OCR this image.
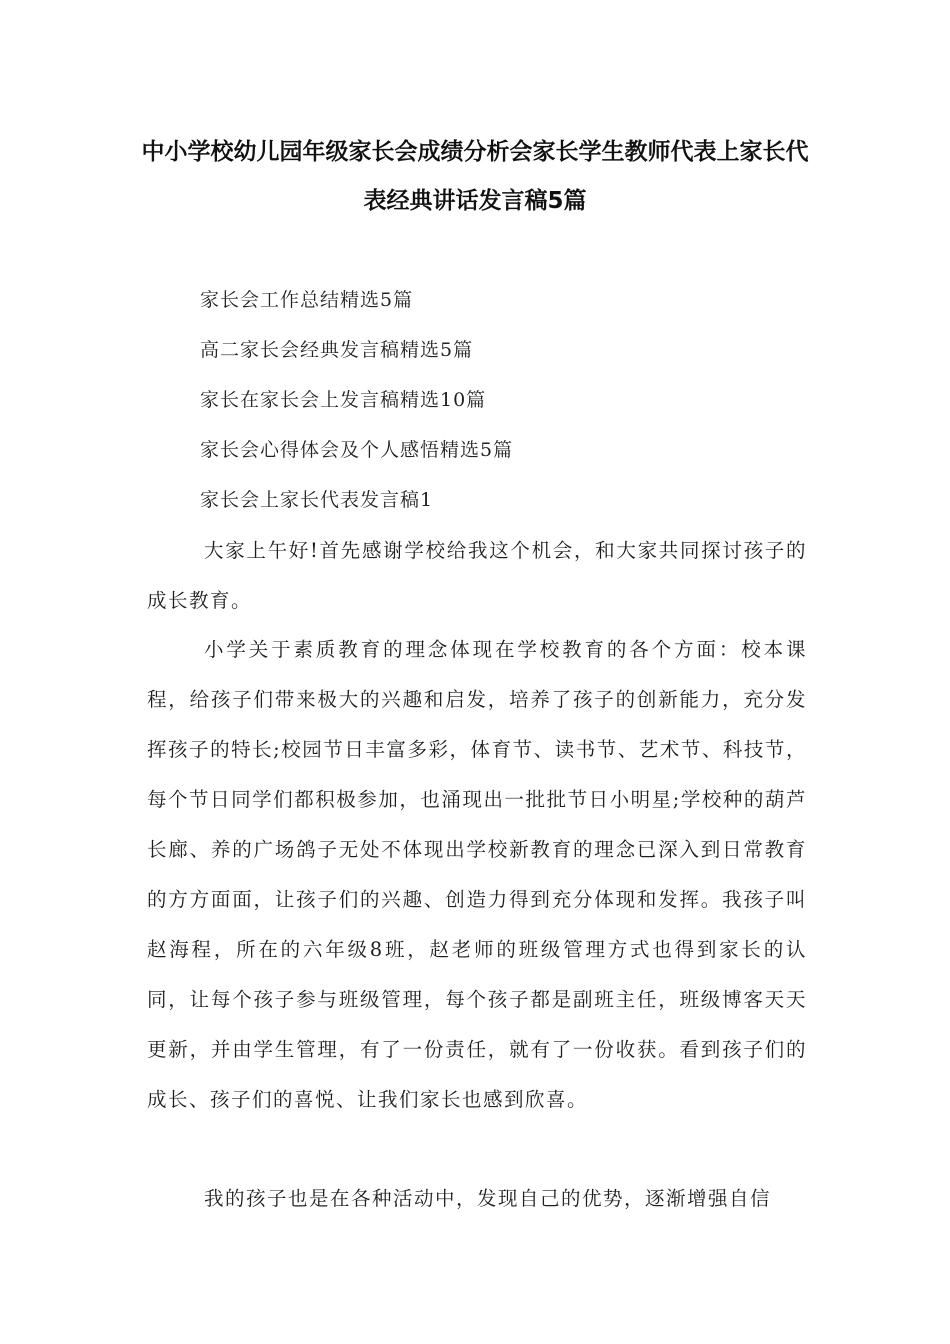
中小学校幼儿园年级家长会成绩分析会家长学生教师代表上家长代
表经典讲话发言稿5篇
家长会工作总结精选5篇
高二家长会经典发言稿精选5篇
家长在家长会上发言稿精选10篇
家长会心得体会及个人感悟精选5篇
家长会上家长代表发言稿1
大家上午好!首先感谢学校给我这个机会，和大家共同探讨孩子的成长教育。
小学关于素质教育的理念体现在学校教育的各个方面：校本课程，给孩子们带来极大的兴趣和启发，培养了孩子的创新能力，充分发挥孩子的特长;校园节日丰富多彩，体育节、读书节、艺术节、科技节，每个节日同学们都积极参加，也涌现出一批批节日小明星;学校种的葫芦长廊、养的广场鸽子无处不体现出学校新教育的理念已深入到日常教育的方方面面，让孩子们的兴趣、创造力得到充分体现和发挥。我孩子叫赵海程，所在的六年级8班，赵老师的班级管理方式也得到家长的认同，让每个孩子参与班级管理，每个孩子都是副班主任，班级博客天天更新，并由学生管理，有了一份责任，就有了一份收获。看到孩子们的成长、孩子们的喜悦、让我们家长也感到欣喜。
我的孩子也是在各种活动中，发现自己的优势，逐渐增强自信
